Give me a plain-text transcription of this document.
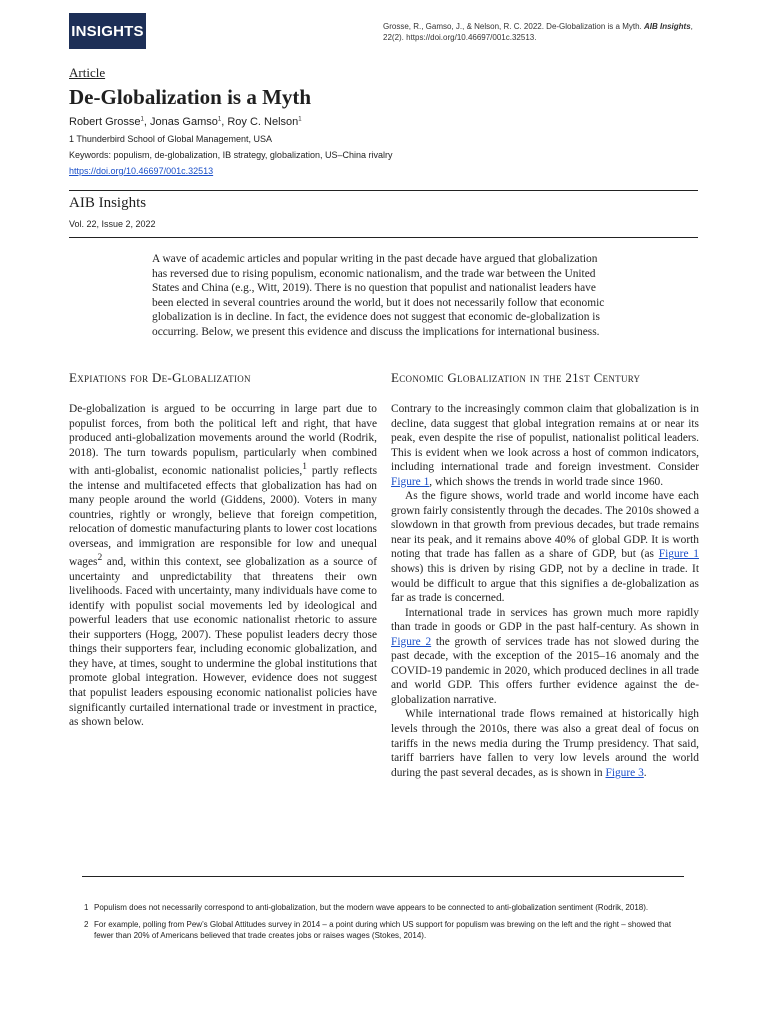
INSIGHTS	Grosse, R., Gamso, J., & Nelson, R. C. 2022. De-Globalization is a Myth. AIB Insights, 22(2). https://doi.org/10.46697/001c.32513.
Article
De-Globalization is a Myth
Robert Grosse$^1$, Jonas Gamso$^1$, Roy C. Nelson$^1$
1 Thunderbird School of Global Management, USA
Keywords: populism, de-globalization, IB strategy, globalization, US–China rivalry
https://doi.org/10.46697/001c.32513
AIB Insights
Vol. 22, Issue 2, 2022

A wave of academic articles and popular writing in the past decade have argued that globalization has reversed due to rising populism, economic nationalism, and the trade war between the United States and China (e.g., Witt, 2019). There is no question that populist and nationalist leaders have been elected in several countries around the world, but it does not necessarily follow that economic globalization is in decline. In fact, the evidence does not suggest that economic de-globalization is occurring. Below, we present this evidence and discuss the implications for international business.

Expiations for De-Globalization

De-globalization is argued to be occurring in large part due to populist forces, from both the political left and right, that have produced anti-globalization movements around the world (Rodrik, 2018). The turn towards populism, particularly when combined with anti-globalist, economic nationalist policies,$^1$ partly reflects the intense and multifaceted effects that globalization has had on many people around the world (Giddens, 2000). Voters in many countries, rightly or wrongly, believe that foreign competition, relocation of domestic manufacturing plants to lower cost locations overseas, and immigration are responsible for low and unequal wages$^2$ and, within this context, see globalization as a source of uncertainty and unpredictability that threatens their own livelihoods. Faced with uncertainty, many individuals have come to identify with populist social movements led by ideological and powerful leaders that use economic nationalist rhetoric to assure their supporters (Hogg, 2007). These populist leaders decry those things their supporters fear, including economic globalization, and they have, at times, sought to undermine the global institutions that promote global integration. However, evidence does not suggest that populist leaders espousing economic nationalist policies have significantly curtailed international trade or investment in practice, as shown below.

Economic Globalization in the 21st Century

Contrary to the increasingly common claim that globalization is in decline, data suggest that global integration remains at or near its peak, even despite the rise of populist, nationalist political leaders. This is evident when we look across a host of common indicators, including international trade and foreign investment. Consider Figure 1, which shows the trends in world trade since 1960.

As the figure shows, world trade and world income have each grown fairly consistently through the decades. The 2010s showed a slowdown in that growth from previous decades, but trade remains near its peak, and it remains above 40% of global GDP. It is worth noting that trade has fallen as a share of GDP, but (as Figure 1 shows) this is driven by rising GDP, not by a decline in trade. It would be difficult to argue that this signifies a de-globalization as far as trade is concerned.

International trade in services has grown much more rapidly than trade in goods or GDP in the past half-century. As shown in Figure 2 the growth of services trade has not slowed during the past decade, with the exception of the 2015–16 anomaly and the COVID-19 pandemic in 2020, which produced declines in all trade and world GDP. This offers further evidence against the de-globalization narrative.

While international trade flows remained at historically high levels through the 2010s, there was also a great deal of focus on tariffs in the news media during the Trump presidency. That said, tariff barriers have fallen to very low levels around the world during the past several decades, as is shown in Figure 3.

1 Populism does not necessarily correspond to anti-globalization, but the modern wave appears to be connected to anti-globalization sentiment (Rodrik, 2018).
2 For example, polling from Pew’s Global Attitudes survey in 2014 – a point during which US support for populism was brewing on the left and the right – showed that fewer than 20% of Americans believed that trade creates jobs or raises wages (Stokes, 2014).
